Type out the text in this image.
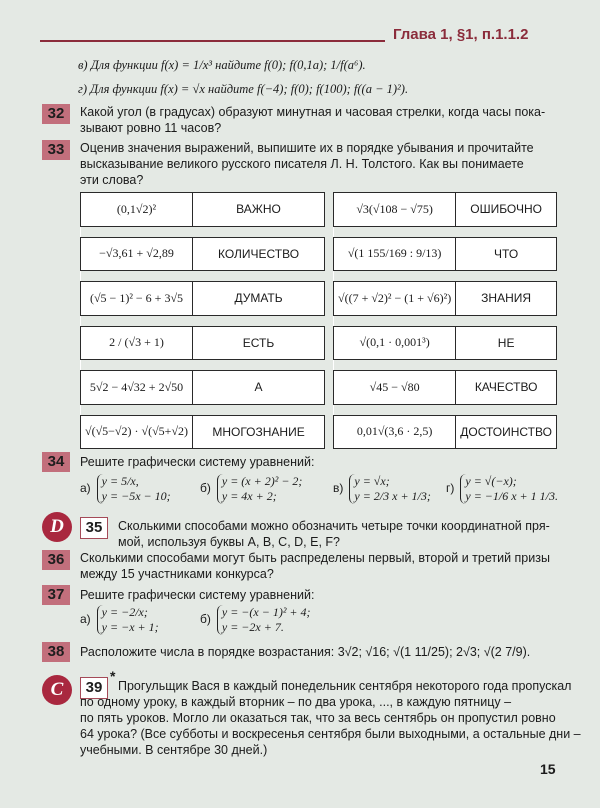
Глава 1, §1, п.1.1.2
в) Для функции f(x) = 1/x³ найдите f(0); f(0,1a); 1/f(a⁶).
г) Для функции f(x) = √x найдите f(−4); f(0); f(100); f((a − 1)²).
32	Какой угол (в градусах) образуют минутная и часовая стрелки, когда часы пока-
зывают ровно 11 часов?
33	Оценив значения выражений, выпишите их в порядке убывания и прочитайте
высказывание великого русского писателя Л. Н. Толстого. Как вы понимаете
эти слова?
(0,1√2)²	ВАЖНО

−√3,61 + √2,89	КОЛИЧЕСТВО

(√5 − 1)² − 6 + 3√5	ДУМАТЬ

2 / (√3 + 1)	ЕСТЬ

5√2 − 4√32 + 2√50	А

√(√5−√2) · √(√5+√2)	МНОГОЗНАНИЕ
√3(√108 − √75)	ОШИБОЧНО

√(1 155/169 : 9/13)	ЧТО

√((7 + √2)² − (1 + √6)²)	ЗНАНИЯ

√(0,1 · 0,001³)	НЕ

√45 − √80	КАЧЕСТВО

0,01√(3,6 · 2,5)	ДОСТОИНСТВО
34	Решите графически систему уравнений:
а) y = 5/x,
y = −5x − 10;
б) y = (x + 2)² − 2;
y = 4x + 2;
в) y = √x;
y = 2/3 x + 1/3;
г) y = √(−x);
y = −1/6 x + 1 1/3.
D	35	Сколькими способами можно обозначить четыре точки координатной пря-
мой, используя буквы A, B, C, D, E, F?
36	Сколькими способами могут быть распределены первый, второй и третий призы
между 15 участниками конкурса?
37	Решите графически систему уравнений:
а) y = −2/x;
y = −x + 1;
б) y = −(x − 1)² + 4;
y = −2x + 7.
38	Расположите числа в порядке возрастания: 3√2; √16; √(1 11/25); 2√3; √(2 7/9).
C	39
*
Прогульщик Вася в каждый понедельник сентября некоторого года пропускал
по одному уроку, в каждый вторник – по два урока, ..., в каждую пятницу –
по пять уроков. Могло ли оказаться так, что за весь сентябрь он пропустил ровно
64 урока? (Все субботы и воскресенья сентября были выходными, а остальные дни –
учебными. В сентябре 30 дней.)
15
